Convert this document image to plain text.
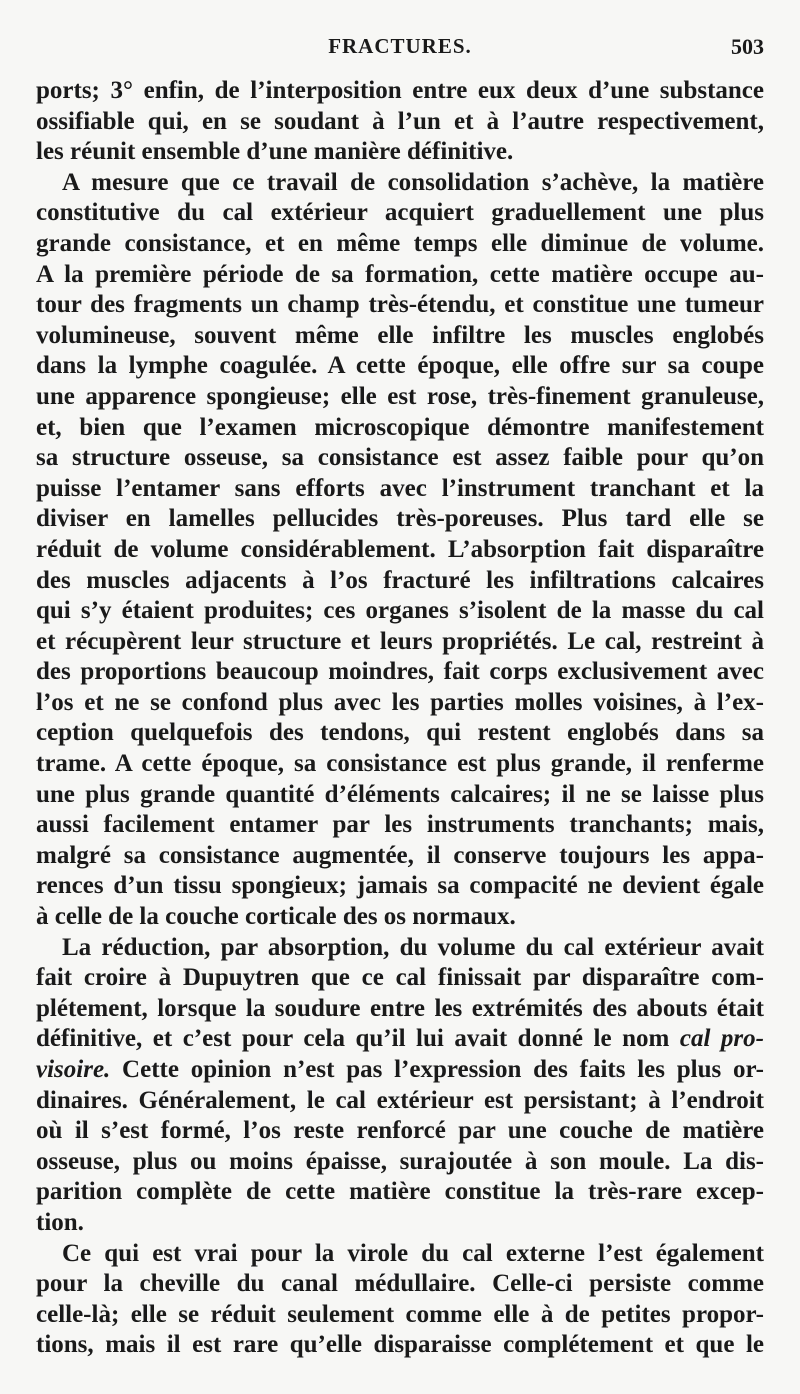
FRACTURES.	503
ports; 3° enfin, de l’interposition entre eux deux d’une substance
ossifiable qui, en se soudant à l’un et à l’autre respectivement,
les réunit ensemble d’une manière définitive.
A mesure que ce travail de consolidation s’achève, la matière
constitutive du cal extérieur acquiert graduellement une plus
grande consistance, et en même temps elle diminue de volume.
A la première période de sa formation, cette matière occupe au-
tour des fragments un champ très-étendu, et constitue une tumeur
volumineuse, souvent même elle infiltre les muscles englobés
dans la lymphe coagulée. A cette époque, elle offre sur sa coupe
une apparence spongieuse; elle est rose, très-finement granuleuse,
et, bien que l’examen microscopique démontre manifestement
sa structure osseuse, sa consistance est assez faible pour qu’on
puisse l’entamer sans efforts avec l’instrument tranchant et la
diviser en lamelles pellucides très-poreuses. Plus tard elle se
réduit de volume considérablement. L’absorption fait disparaître
des muscles adjacents à l’os fracturé les infiltrations calcaires
qui s’y étaient produites; ces organes s’isolent de la masse du cal
et récupèrent leur structure et leurs propriétés. Le cal, restreint à
des proportions beaucoup moindres, fait corps exclusivement avec
l’os et ne se confond plus avec les parties molles voisines, à l’ex-
ception quelquefois des tendons, qui restent englobés dans sa
trame. A cette époque, sa consistance est plus grande, il renferme
une plus grande quantité d’éléments calcaires; il ne se laisse plus
aussi facilement entamer par les instruments tranchants; mais,
malgré sa consistance augmentée, il conserve toujours les appa-
rences d’un tissu spongieux; jamais sa compacité ne devient égale
à celle de la couche corticale des os normaux.
La réduction, par absorption, du volume du cal extérieur avait
fait croire à Dupuytren que ce cal finissait par disparaître com-
plétement, lorsque la soudure entre les extrémités des abouts était
définitive, et c’est pour cela qu’il lui avait donné le nom cal pro-
visoire. Cette opinion n’est pas l’expression des faits les plus or-
dinaires. Généralement, le cal extérieur est persistant; à l’endroit
où il s’est formé, l’os reste renforcé par une couche de matière
osseuse, plus ou moins épaisse, surajoutée à son moule. La dis-
parition complète de cette matière constitue la très-rare excep-
tion.
Ce qui est vrai pour la virole du cal externe l’est également
pour la cheville du canal médullaire. Celle-ci persiste comme
celle-là; elle se réduit seulement comme elle à de petites propor-
tions, mais il est rare qu’elle disparaisse complétement et que le
